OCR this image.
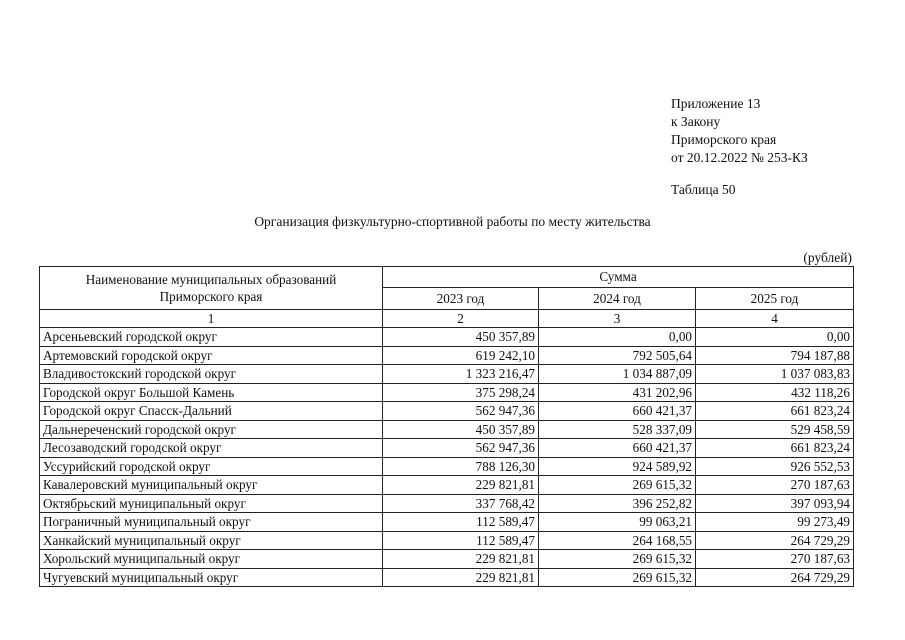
Приложение 13
к Закону
Приморского края
от 20.12.2022 № 253-КЗ
Таблица 50
Организация физкультурно-спортивной работы по месту жительства
(рублей)
Наименование муниципальных образований
Приморского края	Сумма		
	2023 год	2024 год	2025 год
1	2	3	4
Арсеньевский городской округ	450 357,89	0,00	0,00
Артемовский городской округ	619 242,10	792 505,64	794 187,88
Владивостокский городской округ	1 323 216,47	1 034 887,09	1 037 083,83
Городской округ Большой Камень	375 298,24	431 202,96	432 118,26
Городской округ Спасск-Дальний	562 947,36	660 421,37	661 823,24
Дальнереченский городской округ	450 357,89	528 337,09	529 458,59
Лесозаводский городской округ	562 947,36	660 421,37	661 823,24
Уссурийский городской округ	788 126,30	924 589,92	926 552,53
Кавалеровский муниципальный округ	229 821,81	269 615,32	270 187,63
Октябрьский муниципальный округ	337 768,42	396 252,82	397 093,94
Пограничный муниципальный округ	112 589,47	99 063,21	99 273,49
Ханкайский муниципальный округ	112 589,47	264 168,55	264 729,29
Хорольский муниципальный округ	229 821,81	269 615,32	270 187,63
Чугуевский муниципальный округ	229 821,81	269 615,32	264 729,29
